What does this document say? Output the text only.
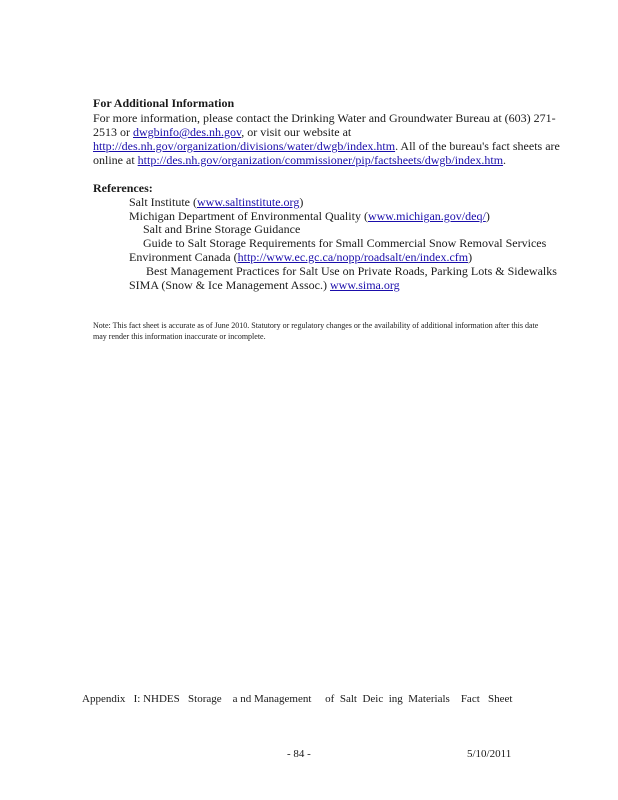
For Additional Information
For more information, please contact the Drinking Water and Groundwater Bureau at (603) 271-
2513 or dwgbinfo@des.nh.gov, or visit our website at
http://des.nh.gov/organization/divisions/water/dwgb/index.htm. All of the bureau's fact sheets are
online at http://des.nh.gov/organization/commissioner/pip/factsheets/dwgb/index.htm.
References:
Salt Institute (www.saltinstitute.org)
Michigan Department of Environmental Quality (www.michigan.gov/deq/)
Salt and Brine Storage Guidance
Guide to Salt Storage Requirements for Small Commercial Snow Removal Services
Environment Canada (http://www.ec.gc.ca/nopp/roadsalt/en/index.cfm)
Best Management Practices for Salt Use on Private Roads, Parking Lots & Sidewalks
SIMA (Snow & Ice Management Assoc.) www.sima.org
Note: This fact sheet is accurate as of June 2010. Statutory or regulatory changes or the availability of additional information after this date may render this information inaccurate or incomplete.
Appendix   I: NHDES   Storage    a nd Management     of  Salt  Deic  ing  Materials    Fact   Sheet
- 84 -	5/10/2011
